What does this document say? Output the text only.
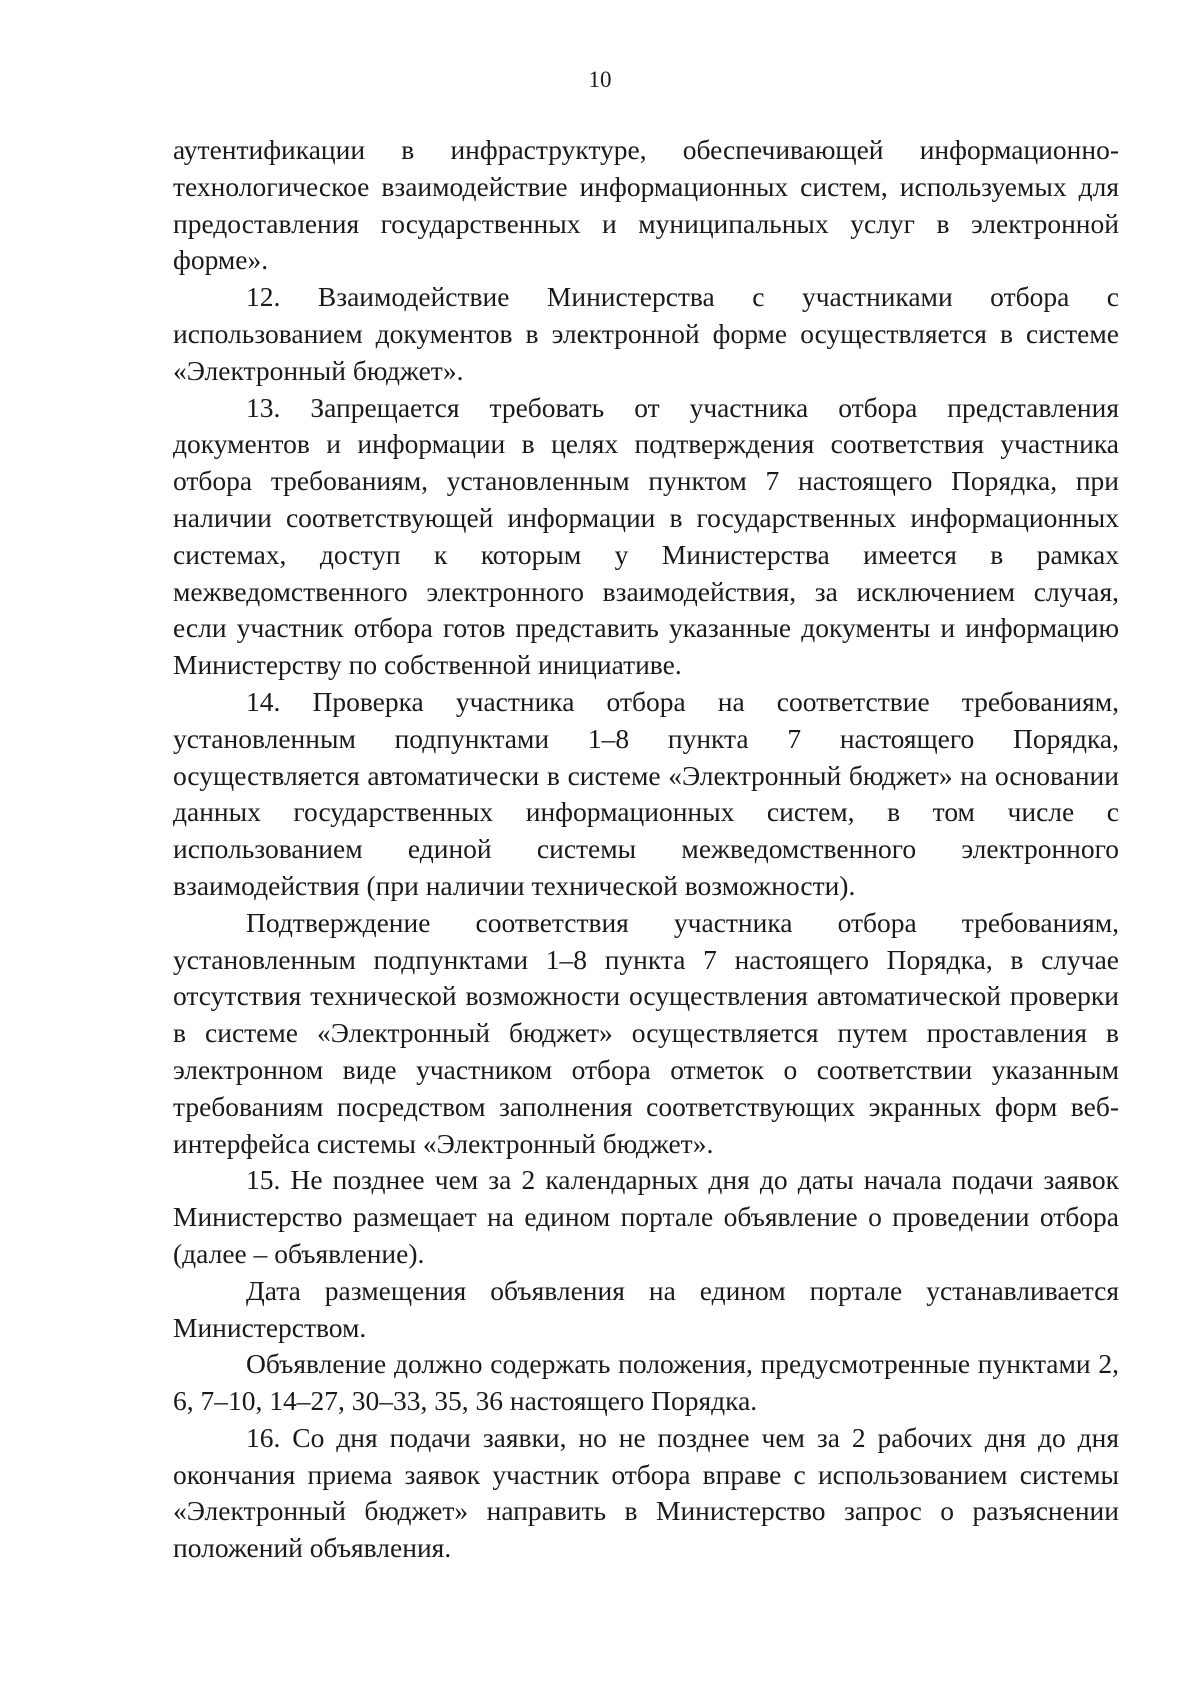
10

аутентификации в инфраструктуре, обеспечивающей информационно-технологическое взаимодействие информационных систем, используемых для предоставления государственных и муниципальных услуг в электронной форме».

12. Взаимодействие Министерства с участниками отбора с использованием документов в электронной форме осуществляется в системе «Электронный бюджет».

13. Запрещается требовать от участника отбора представления документов и информации в целях подтверждения соответствия участника отбора требованиям, установленным пунктом 7 настоящего Порядка, при наличии соответствующей информации в государственных информационных системах, доступ к которым у Министерства имеется в рамках межведомственного электронного взаимодействия, за исключением случая, если участник отбора готов представить указанные документы и информацию Министерству по собственной инициативе.

14. Проверка участника отбора на соответствие требованиям, установленным подпунктами 1–8 пункта 7 настоящего Порядка, осуществляется автоматически в системе «Электронный бюджет» на основании данных государственных информационных систем, в том числе с использованием единой системы межведомственного электронного взаимодействия (при наличии технической возможности).

Подтверждение соответствия участника отбора требованиям, установленным подпунктами 1–8 пункта 7 настоящего Порядка, в случае отсутствия технической возможности осуществления автоматической проверки в системе «Электронный бюджет» осуществляется путем проставления в электронном виде участником отбора отметок о соответствии указанным требованиям посредством заполнения соответствующих экранных форм веб-интерфейса системы «Электронный бюджет».

15. Не позднее чем за 2 календарных дня до даты начала подачи заявок Министерство размещает на едином портале объявление о проведении отбора (далее – объявление).

Дата размещения объявления на едином портале устанавливается Министерством.

Объявление должно содержать положения, предусмотренные пунктами 2, 6, 7–10, 14–27, 30–33, 35, 36 настоящего Порядка.

16. Со дня подачи заявки, но не позднее чем за 2 рабочих дня до дня окончания приема заявок участник отбора вправе с использованием системы «Электронный бюджет» направить в Министерство запрос о разъяснении положений объявления.
